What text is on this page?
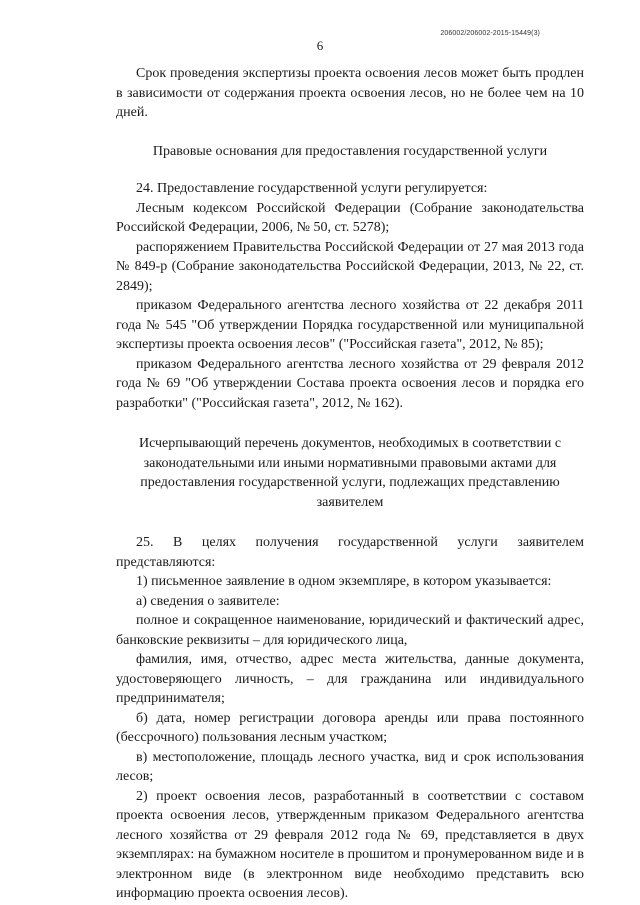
206002/206002-2015-15449(3)
6

Срок проведения экспертизы проекта освоения лесов может быть продлен в зависимости от содержания проекта освоения лесов, но не более чем на 10 дней.

Правовые основания для предоставления государственной услуги

24. Предоставление государственной услуги регулируется:

Лесным кодексом Российской Федерации (Собрание законодательства Российской Федерации, 2006, № 50, ст. 5278);

распоряжением Правительства Российской Федерации от 27 мая 2013 года № 849-р (Собрание законодательства Российской Федерации, 2013, № 22, ст. 2849);

приказом Федерального агентства лесного хозяйства от 22 декабря 2011 года № 545 "Об утверждении Порядка государственной или муниципальной экспертизы проекта освоения лесов" ("Российская газета", 2012, № 85);

приказом Федерального агентства лесного хозяйства от 29 февраля 2012 года № 69 "Об утверждении Состава проекта освоения лесов и порядка его разработки" ("Российская газета", 2012, № 162).

Исчерпывающий перечень документов, необходимых в соответствии с законодательными или иными нормативными правовыми актами для предоставления государственной услуги, подлежащих представлению заявителем

25. В целях получения государственной услуги заявителем представляются:

1) письменное заявление в одном экземпляре, в котором указывается:

а) сведения о заявителе:

полное и сокращенное наименование, юридический и фактический адрес, банковские реквизиты – для юридического лица,

фамилия, имя, отчество, адрес места жительства, данные документа, удостоверяющего личность, – для гражданина или индивидуального предпринимателя;

б) дата, номер регистрации договора аренды или права постоянного (бессрочного) пользования лесным участком;

в) местоположение, площадь лесного участка, вид и срок использования лесов;

2) проект освоения лесов, разработанный в соответствии с составом проекта освоения лесов, утвержденным приказом Федерального агентства лесного хозяйства от 29 февраля 2012 года № 69, представляется в двух экземплярах: на бумажном носителе в прошитом и пронумерованном виде и в электронном виде (в электронном виде необходимо представить всю информацию проекта освоения лесов).
